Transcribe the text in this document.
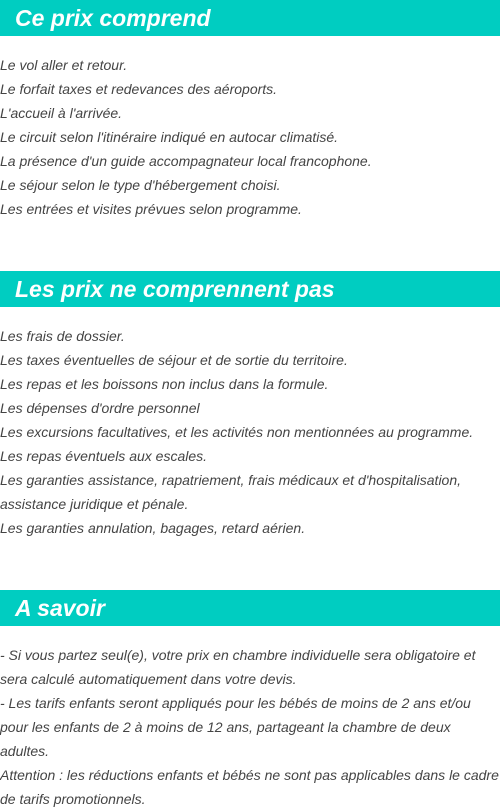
Ce prix comprend
Le vol aller et retour.
Le forfait taxes et redevances des aéroports.
L'accueil à l'arrivée.
Le circuit selon l'itinéraire indiqué en autocar climatisé.
La présence d'un guide accompagnateur local francophone.
Le séjour selon le type d'hébergement choisi.
Les entrées et visites prévues selon programme.
Les prix ne comprennent pas
Les frais de dossier.
Les taxes éventuelles de séjour et de sortie du territoire.
Les repas et les boissons non inclus dans la formule.
Les dépenses d'ordre personnel
Les excursions facultatives, et les activités non mentionnées au programme.
Les repas éventuels aux escales.
Les garanties assistance, rapatriement, frais médicaux et d'hospitalisation, assistance juridique et pénale.
Les garanties annulation, bagages, retard aérien.
A savoir
- Si vous partez seul(e), votre prix en chambre individuelle sera obligatoire et sera calculé automatiquement dans votre devis.
- Les tarifs enfants seront appliqués pour les bébés de moins de 2 ans et/ou pour les enfants de 2 à moins de 12 ans, partageant la chambre de deux adultes.
Attention : les réductions enfants et bébés ne sont pas applicables dans le cadre de tarifs promotionnels.
